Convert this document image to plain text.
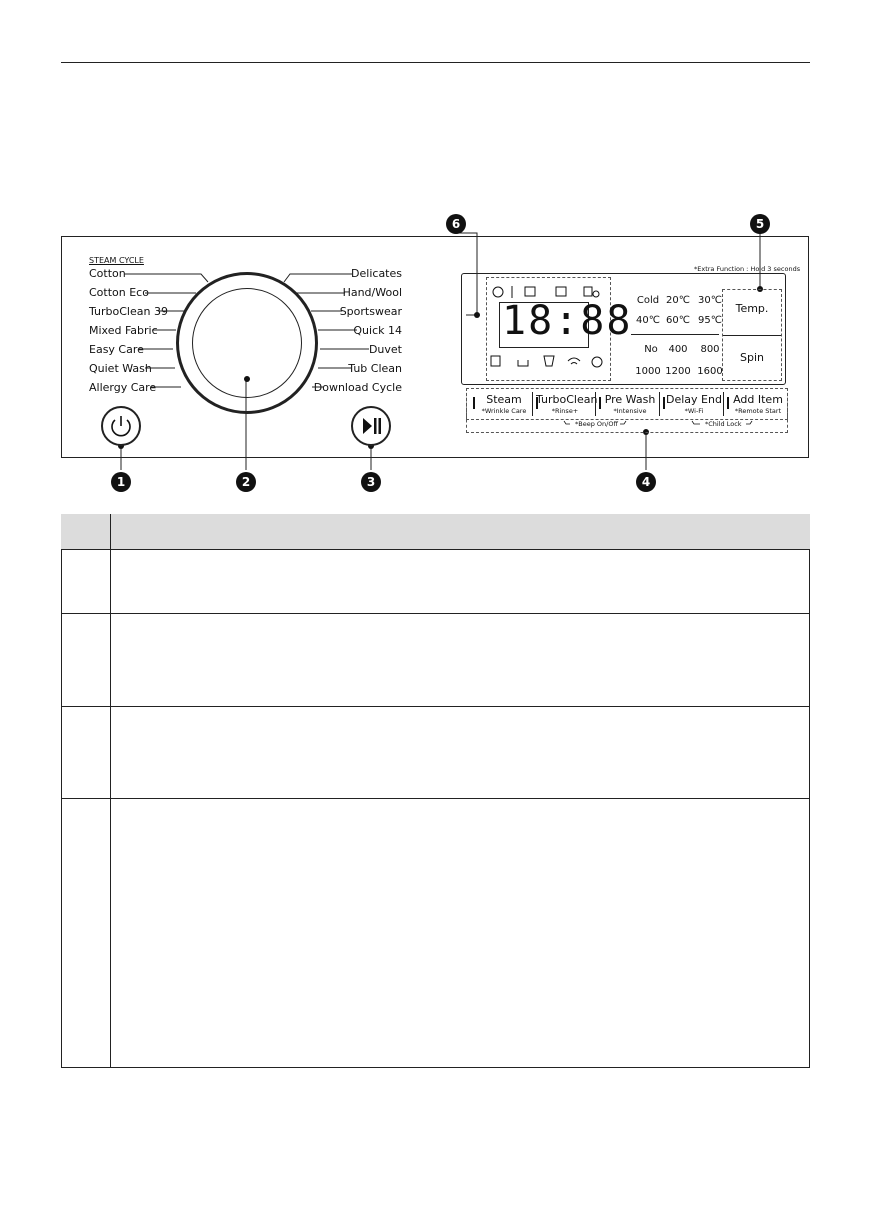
STEAM CYCLE
Cotton
Cotton Eco
TurboClean 39
Mixed Fabric
Easy Care
Quiet Wash
Allergy Care
Delicates
Hand/Wool
Sportswear
Quick 14
Duvet
Tub Clean
Download Cycle
1	2	3	4
5
6
*Extra Function : Hold 3 seconds
18:88 Cold 20℃ 30℃
40℃ 60℃ 95℃
No	400	800
1000 1200 1600
Temp.
Spin
Steam
*Wrinkle Care
TurboClean
*Rinse+
Pre Wash
*Intensive
Delay End
*Wi-Fi
Add Item
*Remote Start
*Beep On/Off	*Child Lock
